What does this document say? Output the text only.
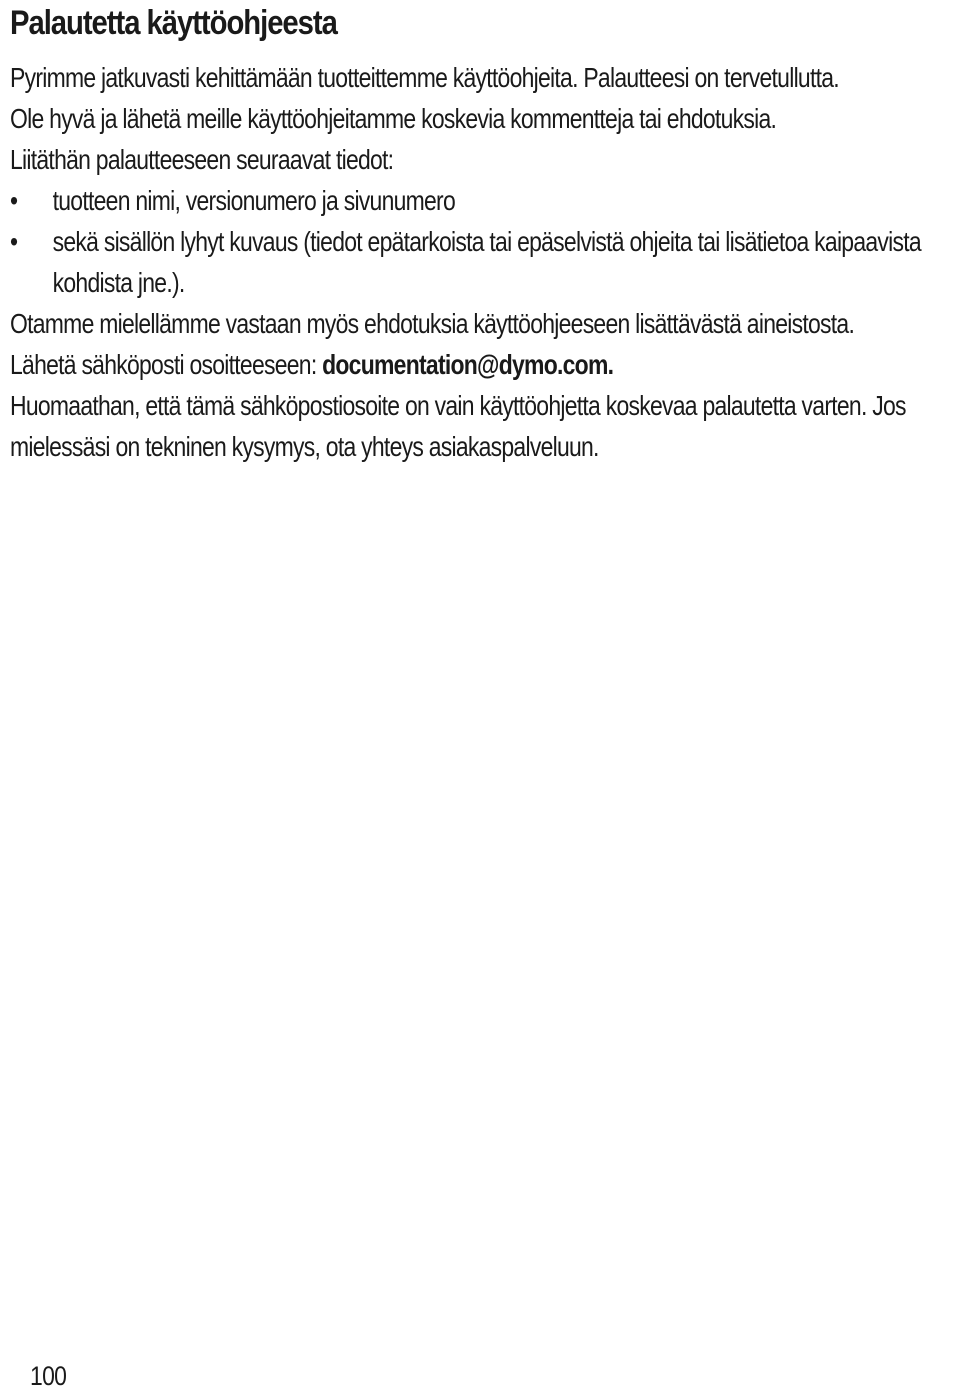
Palautetta käyttöohjeesta

Pyrimme jatkuvasti kehittämään tuotteittemme käyttöohjeita. Palautteesi on tervetullutta.

Ole hyvä ja lähetä meille käyttöohjeitamme koskevia kommentteja tai ehdotuksia.

Liitäthän palautteeseen seuraavat tiedot:

• tuotteen nimi, versionumero ja sivunumero
• sekä sisällön lyhyt kuvaus (tiedot epätarkoista tai epäselvistä ohjeita tai lisätietoa kaipaavista kohdista jne.).

Otamme mielellämme vastaan myös ehdotuksia käyttöohjeeseen lisättävästä aineistosta.

Lähetä sähköposti osoitteeseen: documentation@dymo.com.

Huomaathan, että tämä sähköpostiosoite on vain käyttöohjetta koskevaa palautetta varten. Jos mielessäsi on tekninen kysymys, ota yhteys asiakaspalveluun.

100
